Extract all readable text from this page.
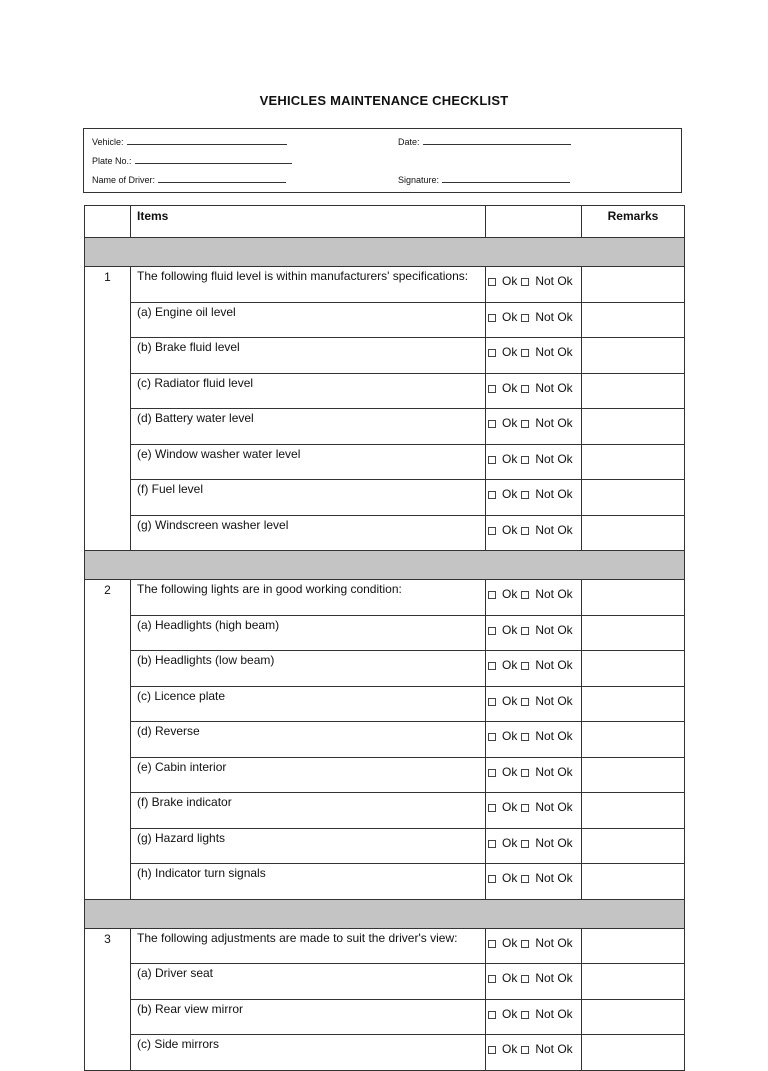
VEHICLES MAINTENANCE CHECKLIST
Vehicle:	Date:
Plate No.:
Name of Driver:	Signature:
	Items		Remarks

1	The following fluid level is within manufacturers' specifications:	Ok Not Ok	
	(a) Engine oil level	Ok Not Ok	
	(b) Brake fluid level	Ok Not Ok	
	(c) Radiator fluid level	Ok Not Ok	
	(d) Battery water level	Ok Not Ok	
	(e) Window washer water level	Ok Not Ok	
	(f) Fuel level	Ok Not Ok	
	(g) Windscreen washer level	Ok Not Ok	

2	The following lights are in good working condition:	Ok Not Ok	
	(a) Headlights (high beam)	Ok Not Ok	
	(b) Headlights (low beam)	Ok Not Ok	
	(c) Licence plate	Ok Not Ok	
	(d) Reverse	Ok Not Ok	
	(e) Cabin interior	Ok Not Ok	
	(f) Brake indicator	Ok Not Ok	
	(g) Hazard lights	Ok Not Ok	
	(h) Indicator turn signals	Ok Not Ok	

3	The following adjustments are made to suit the driver's view:	Ok Not Ok	
	(a) Driver seat	Ok Not Ok	
	(b) Rear view mirror	Ok Not Ok	
	(c) Side mirrors	Ok Not Ok	
